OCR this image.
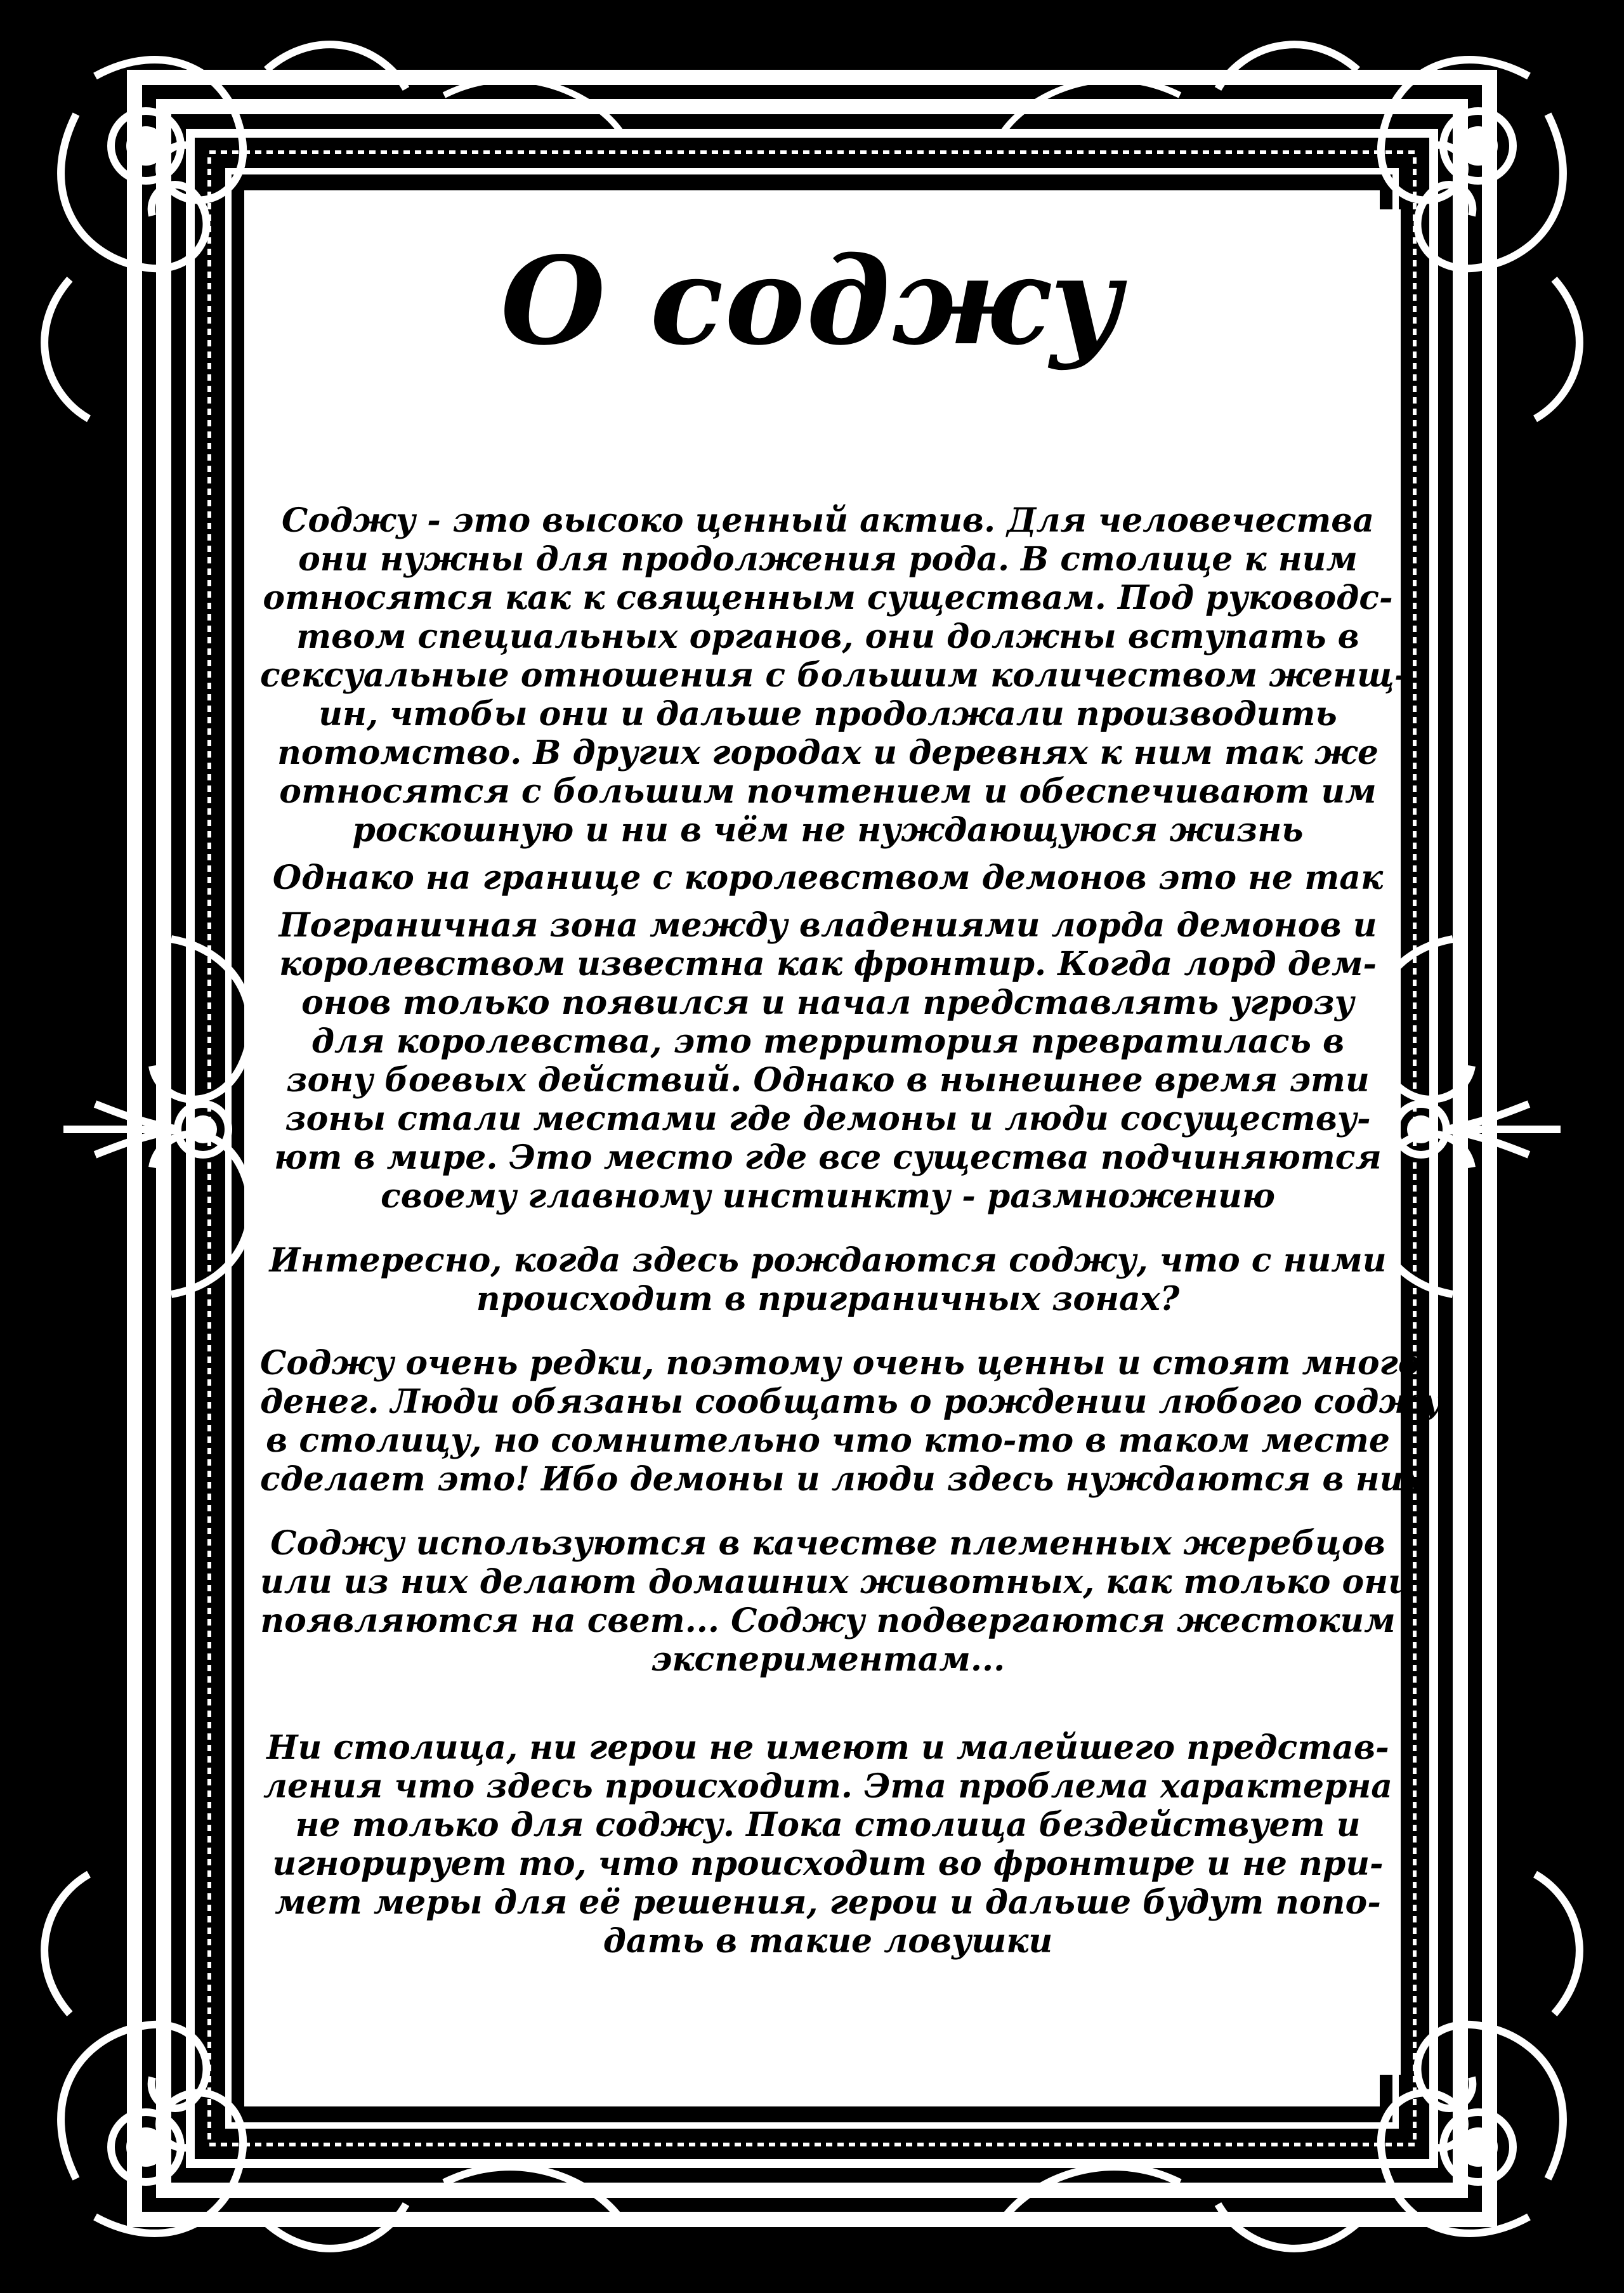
О соджу
Соджу - это высоко ценный актив. Для человечества
они нужны для продолжения рода. В столице к ним
относятся как к священным существам. Под руководс-
твом специальных органов, они должны вступать в
сексуальные отношения с большим количеством женщ-
ин, чтобы они и дальше продолжали производить
потомство. В других городах и деревнях к ним так же
относятся с большим почтением и обеспечивают им
роскошную и ни в чём не нуждающуюся жизнь
Однако на границе с королевством демонов это не так
Пограничная зона между владениями лорда демонов и
королевством известна как фронтир. Когда лорд дем-
онов только появился и начал представлять угрозу
для королевства, это территория превратилась в
зону боевых действий. Однако в нынешнее время эти
зоны стали местами где демоны и люди сосуществу-
ют в мире. Это место где все существа подчиняются
своему главному инстинкту - размножению
Интересно, когда здесь рождаются соджу, что с ними
происходит в приграничных зонах?
Соджу очень редки, поэтому очень ценны и стоят много
денег. Люди обязаны сообщать о рождении любого соджу
в столицу, но сомнительно что кто-то в таком месте
сделает это! Ибо демоны и люди здесь нуждаются в них
Соджу используются в качестве племенных жеребцов
или из них делают домашних животных, как только они
появляются на свет... Соджу подвергаются жестоким
экспериментам...
Ни столица, ни герои не имеют и малейшего представ-
ления что здесь происходит. Эта проблема характерна
не только для соджу. Пока столица бездействует и
игнорирует то, что происходит во фронтире и не при-
мет меры для её решения, герои и дальше будут попо-
дать в такие ловушки
